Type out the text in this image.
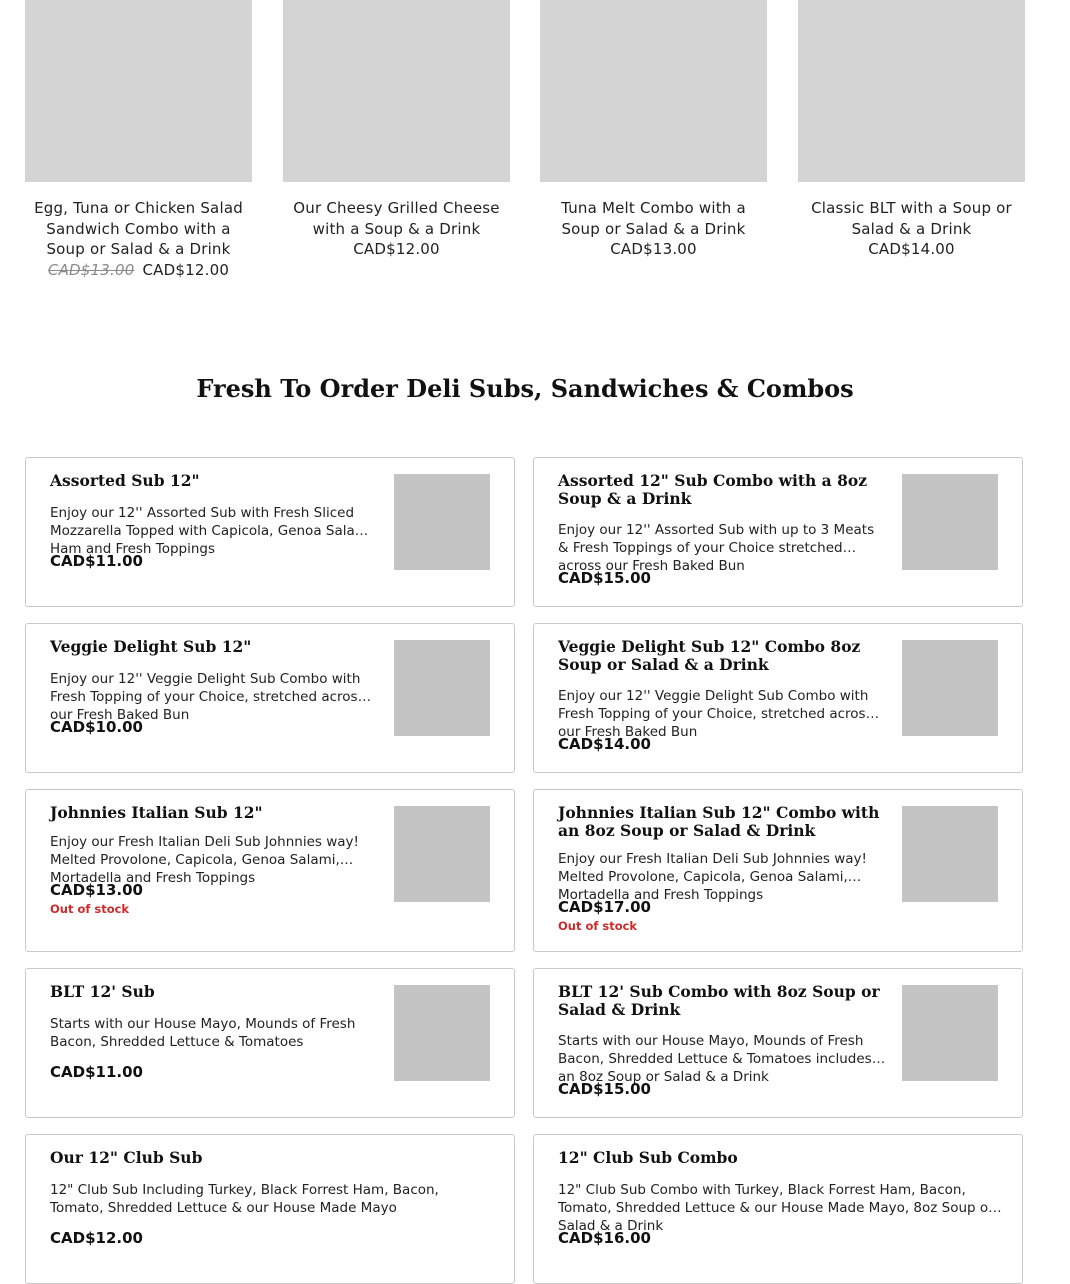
Egg, Tuna or Chicken Salad Sandwich Combo with a Soup or Salad & a Drink
CAD$13.00 CAD$12.00
Our Cheesy Grilled Cheese with a Soup & a Drink
CAD$12.00
Tuna Melt Combo with a Soup or Salad & a Drink
CAD$13.00
Classic BLT with a Soup or Salad & a Drink
CAD$14.00
Fresh To Order Deli Subs, Sandwiches & Combos
Assorted Sub 12"
Enjoy our 12'' Assorted Sub with Fresh Sliced Mozzarella Topped with Capicola, Genoa Salami, Ham and Fresh Toppings
CAD$11.00
Assorted 12" Sub Combo with a 8oz Soup & a Drink
Enjoy our 12'' Assorted Sub with up to 3 Meats & Fresh Toppings of your Choice stretched across our Fresh Baked Bun
CAD$15.00
Veggie Delight Sub 12"
Enjoy our 12'' Veggie Delight Sub Combo with Fresh Topping of your Choice, stretched across our Fresh Baked Bun
CAD$10.00
Veggie Delight Sub 12" Combo 8oz Soup or Salad & a Drink
Enjoy our 12'' Veggie Delight Sub Combo with Fresh Topping of your Choice, stretched across our Fresh Baked Bun
CAD$14.00
Johnnies Italian Sub 12"
Enjoy our Fresh Italian Deli Sub Johnnies way! Melted Provolone, Capicola, Genoa Salami, Mortadella and Fresh Toppings
CAD$13.00
Out of stock
Johnnies Italian Sub 12" Combo with an 8oz Soup or Salad & Drink
Enjoy our Fresh Italian Deli Sub Johnnies way! Melted Provolone, Capicola, Genoa Salami, Mortadella and Fresh Toppings
CAD$17.00
Out of stock
BLT 12' Sub
Starts with our House Mayo, Mounds of Fresh Bacon, Shredded Lettuce & Tomatoes
CAD$11.00
BLT 12' Sub Combo with 8oz Soup or Salad & Drink
Starts with our House Mayo, Mounds of Fresh Bacon, Shredded Lettuce & Tomatoes includes an 8oz Soup or Salad & a Drink
CAD$15.00
Our 12" Club Sub
12" Club Sub Including Turkey, Black Forrest Ham, Bacon, Tomato, Shredded Lettuce & our House Made Mayo
CAD$12.00
12" Club Sub Combo
12" Club Sub Combo with Turkey, Black Forrest Ham, Bacon, Tomato, Shredded Lettuce & our House Made Mayo, 8oz Soup or Salad & a Drink
CAD$16.00
